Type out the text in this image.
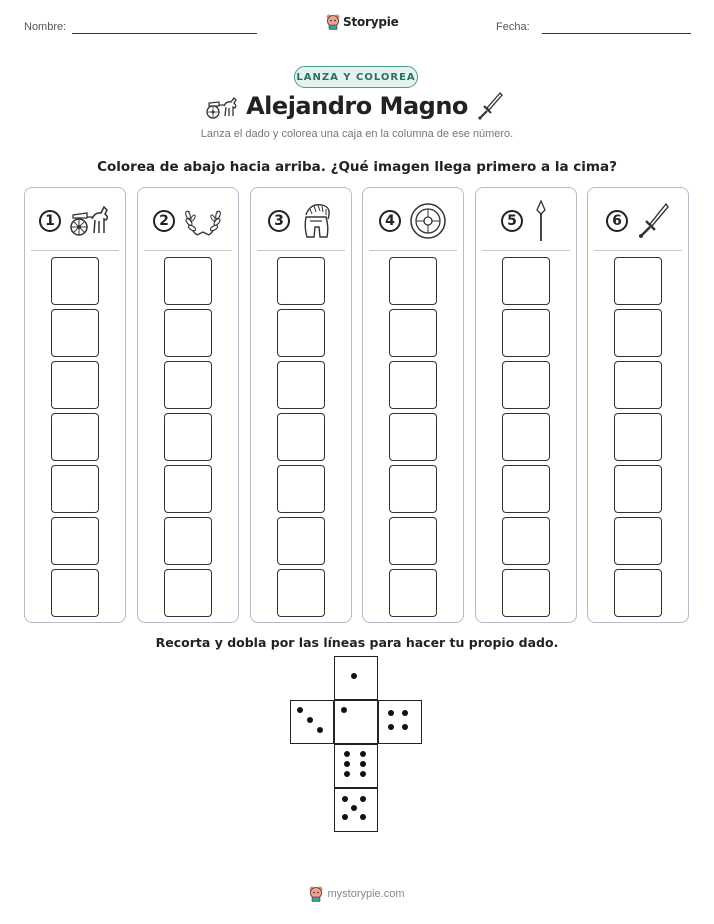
Nombre:	Storypie	Fecha:
LANZA Y COLOREA
Alejandro Magno
Lanza el dado y colorea una caja en la columna de ese número.
Colorea de abajo hacia arriba. ¿Qué imagen llega primero a la cima?
1	2	3	4	5	6
Recorta y dobla por las líneas para hacer tu propio dado.
mystorypie.com
